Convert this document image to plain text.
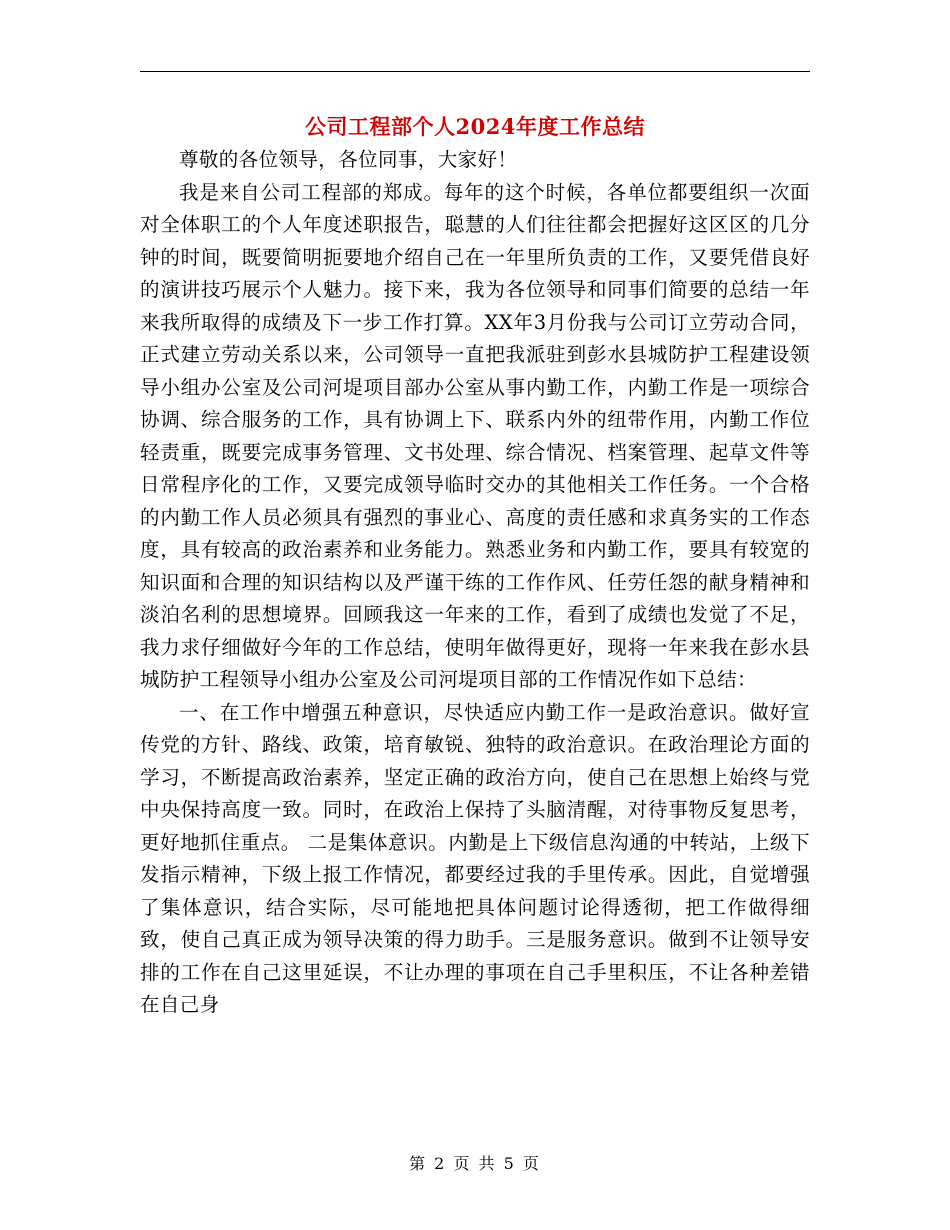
公司工程部个人2024年度工作总结

尊敬的各位领导，各位同事，大家好！

我是来自公司工程部的郑成。每年的这个时候，各单位都要组织一次面对全体职工的个人年度述职报告，聪慧的人们往往都会把握好这区区的几分钟的时间，既要简明扼要地介绍自己在一年里所负责的工作，又要凭借良好的演讲技巧展示个人魅力。接下来，我为各位领导和同事们简要的总结一年来我所取得的成绩及下一步工作打算。XX年3月份我与公司订立劳动合同，正式建立劳动关系以来，公司领导一直把我派驻到彭水县城防护工程建设领导小组办公室及公司河堤项目部办公室从事内勤工作，内勤工作是一项综合协调、综合服务的工作，具有协调上下、联系内外的纽带作用，内勤工作位轻责重，既要完成事务管理、文书处理、综合情况、档案管理、起草文件等日常程序化的工作，又要完成领导临时交办的其他相关工作任务。一个合格的内勤工作人员必须具有强烈的事业心、高度的责任感和求真务实的工作态度，具有较高的政治素养和业务能力。熟悉业务和内勤工作，要具有较宽的知识面和合理的知识结构以及严谨干练的工作作风、任劳任怨的献身精神和淡泊名利的思想境界。回顾我这一年来的工作，看到了成绩也发觉了不足，我力求仔细做好今年的工作总结，使明年做得更好，现将一年来我在彭水县城防护工程领导小组办公室及公司河堤项目部的工作情况作如下总结：

一、在工作中增强五种意识，尽快适应内勤工作一是政治意识。做好宣传党的方针、路线、政策，培育敏锐、独特的政治意识。在政治理论方面的学习，不断提高政治素养，坚定正确的政治方向，使自己在思想上始终与党中央保持高度一致。同时，在政治上保持了头脑清醒，对待事物反复思考，更好地抓住重点。 二是集体意识。内勤是上下级信息沟通的中转站，上级下发指示精神，下级上报工作情况，都要经过我的手里传承。因此，自觉增强了集体意识，结合实际，尽可能地把具体问题讨论得透彻，把工作做得细致，使自己真正成为领导决策的得力助手。三是服务意识。做到不让领导安排的工作在自己这里延误，不让办理的事项在自己手里积压，不让各种差错在自己身

第 2 页 共 5 页
